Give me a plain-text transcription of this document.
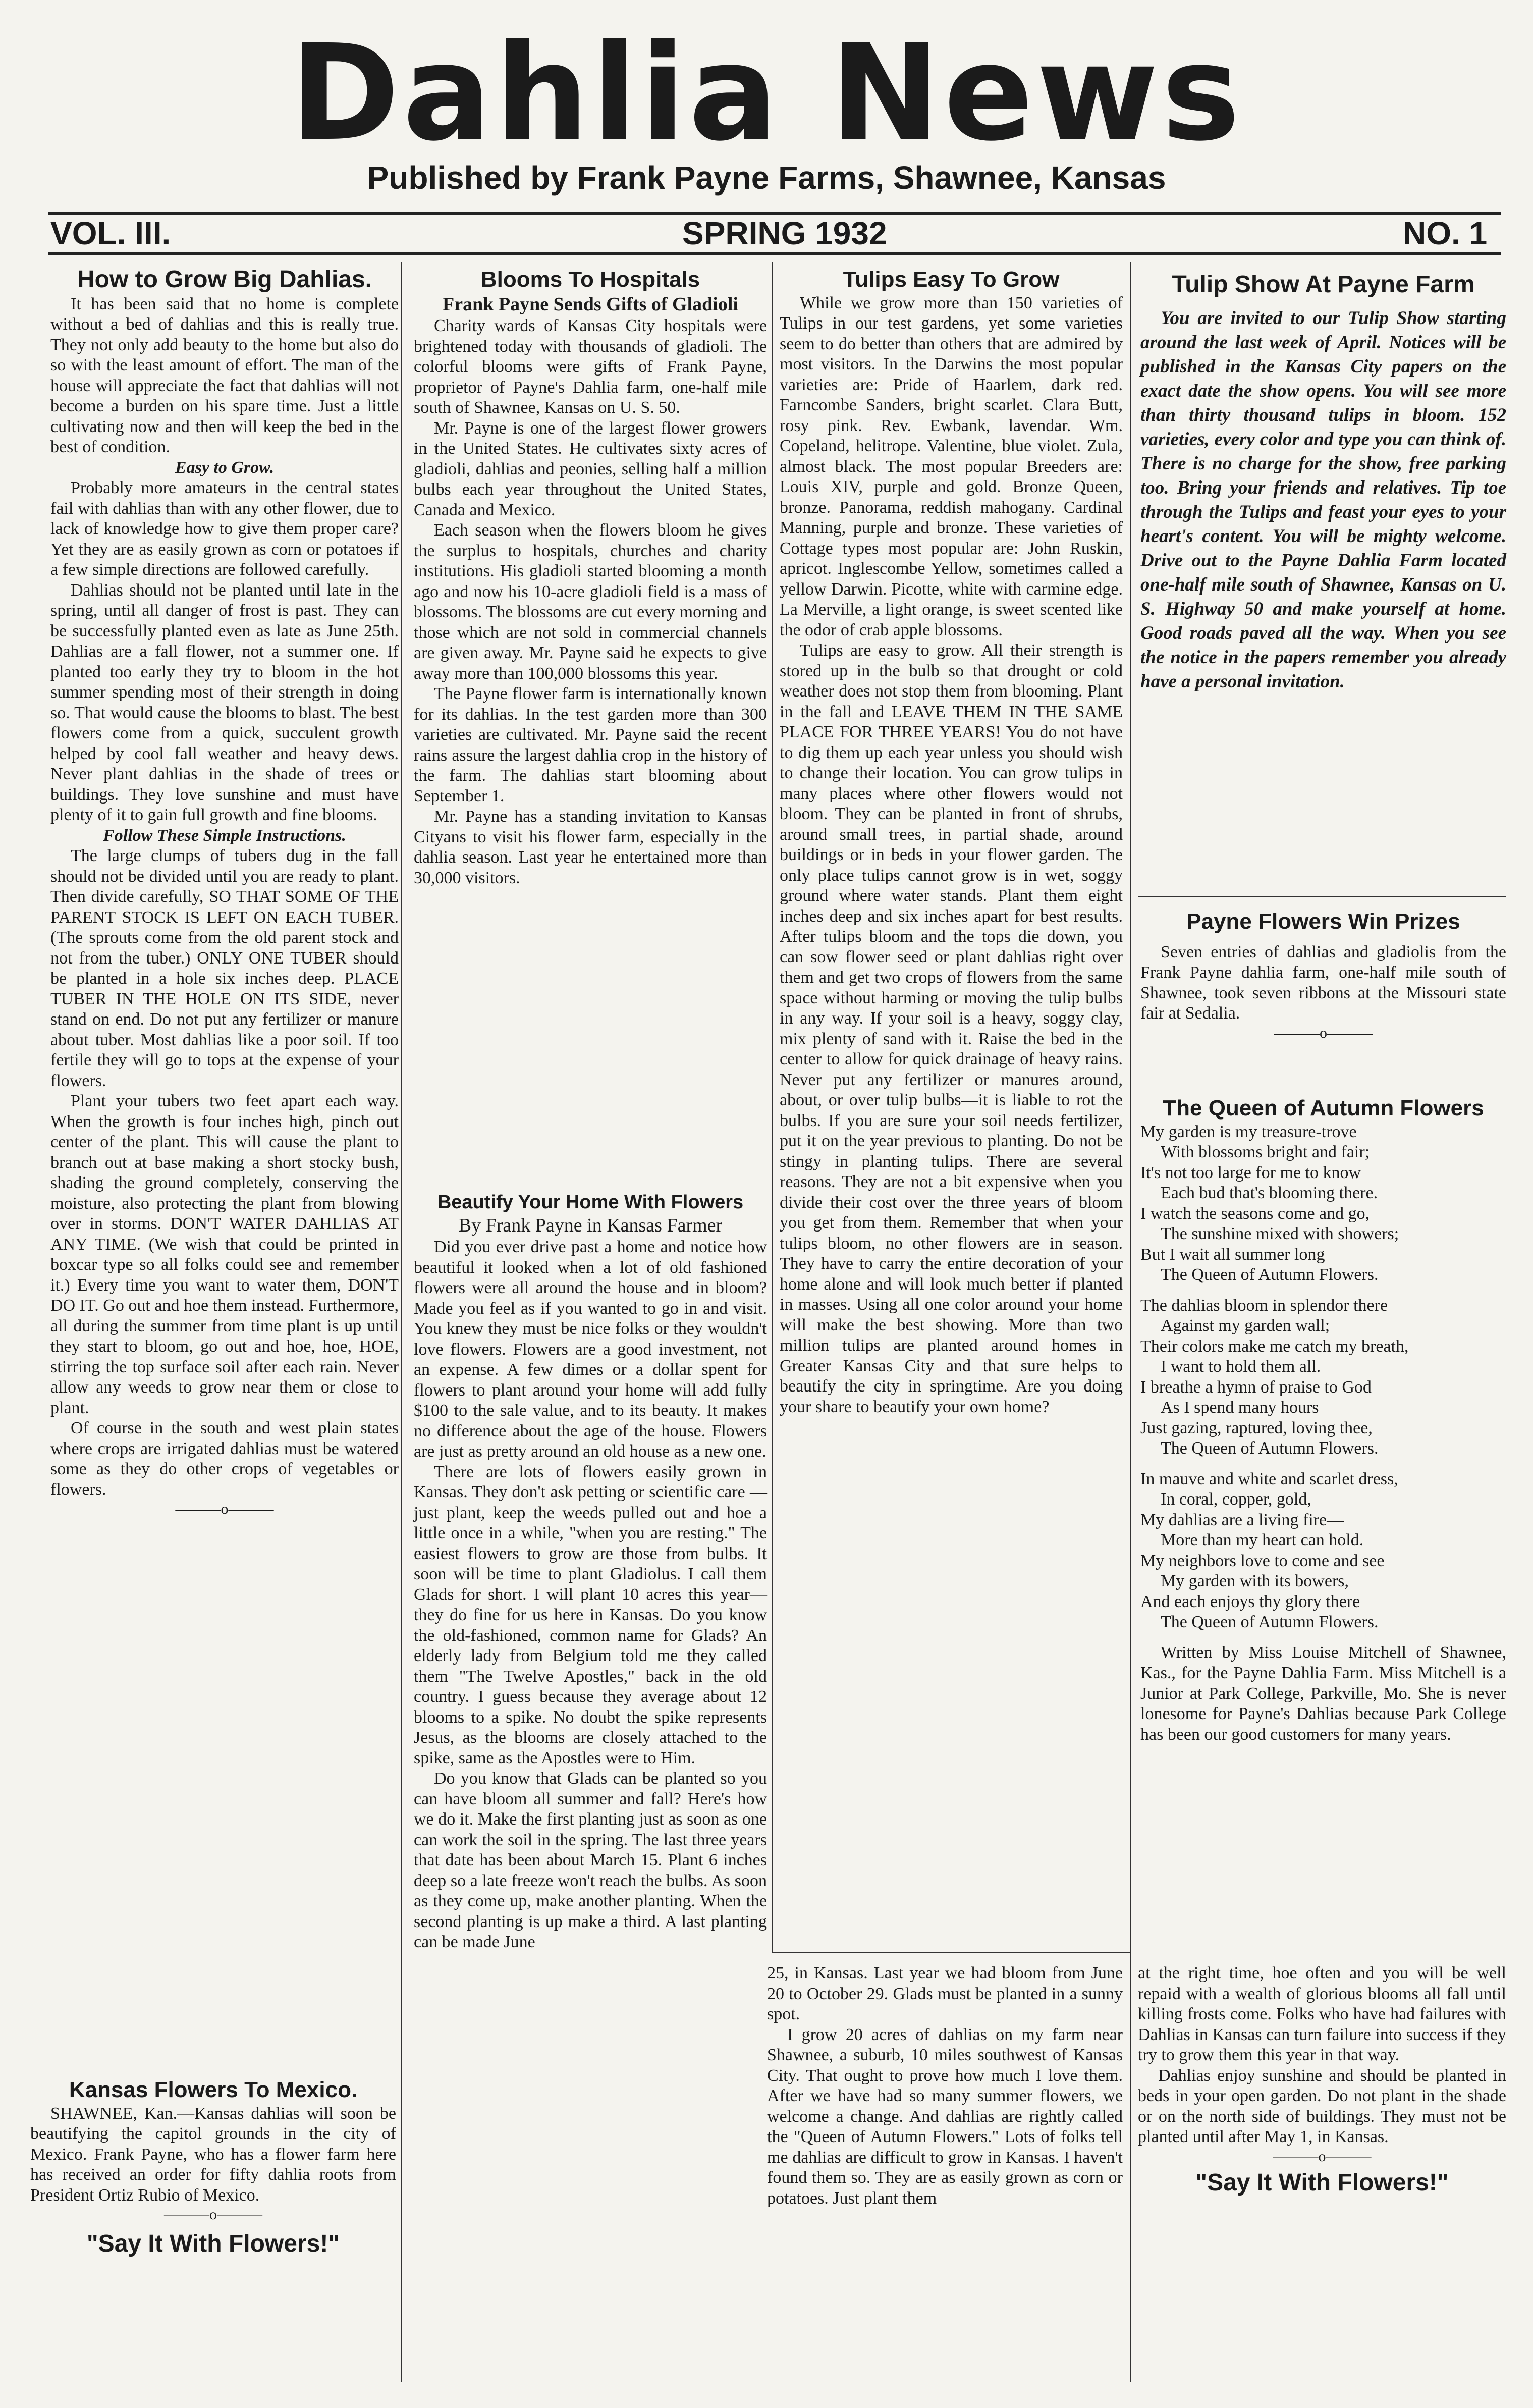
Dahlia News
Published by Frank Payne Farms, Shawnee, Kansas
VOL. III.	SPRING 1932	NO. 1
How to Grow Big Dahlias.

It has been said that no home is complete without a bed of dahlias and this is really true. They not only add beauty to the home but also do so with the least amount of effort. The man of the house will appreciate the fact that dahlias will not become a burden on his spare time. Just a little cultivating now and then will keep the bed in the best of condition.

Easy to Grow.

Probably more amateurs in the central states fail with dahlias than with any other flower, due to lack of knowledge how to give them proper care? Yet they are as easily grown as corn or potatoes if a few simple directions are followed carefully.

Dahlias should not be planted until late in the spring, until all danger of frost is past. They can be successfully planted even as late as June 25th. Dahlias are a fall flower, not a summer one. If planted too early they try to bloom in the hot summer spending most of their strength in doing so. That would cause the blooms to blast. The best flowers come from a quick, succulent growth helped by cool fall weather and heavy dews. Never plant dahlias in the shade of trees or buildings. They love sunshine and must have plenty of it to gain full growth and fine blooms.

Follow These Simple Instructions.

The large clumps of tubers dug in the fall should not be divided until you are ready to plant. Then divide carefully, SO THAT SOME OF THE PARENT STOCK IS LEFT ON EACH TUBER. (The sprouts come from the old parent stock and not from the tuber.) ONLY ONE TUBER should be planted in a hole six inches deep. PLACE TUBER IN THE HOLE ON ITS SIDE, never stand on end. Do not put any fertilizer or manure about tuber. Most dahlias like a poor soil. If too fertile they will go to tops at the expense of your flowers.

Plant your tubers two feet apart each way. When the growth is four inches high, pinch out center of the plant. This will cause the plant to branch out at base making a short stocky bush, shading the ground completely, conserving the moisture, also protecting the plant from blowing over in storms. DON'T WATER DAHLIAS AT ANY TIME. (We wish that could be printed in boxcar type so all folks could see and remember it.) Every time you want to water them, DON'T DO IT. Go out and hoe them instead. Furthermore, all during the summer from time plant is up until they start to bloom, go out and hoe, hoe, HOE, stirring the top surface soil after each rain. Never allow any weeds to grow near them or close to plant.

Of course in the south and west plain states where crops are irrigated dahlias must be watered some as they do other crops of vegetables or flowers.

———o———
Kansas Flowers To Mexico.

SHAWNEE, Kan.—Kansas dahlias will soon be beautifying the capitol grounds in the city of Mexico. Frank Payne, who has a flower farm here has received an order for fifty dahlia roots from President Ortiz Rubio of Mexico.

———o———
"Say It With Flowers!"
Blooms To Hospitals
Frank Payne Sends Gifts of Gladioli

Charity wards of Kansas City hospitals were brightened today with thousands of gladioli. The colorful blooms were gifts of Frank Payne, proprietor of Payne's Dahlia farm, one-half mile south of Shawnee, Kansas on U. S. 50.

Mr. Payne is one of the largest flower growers in the United States. He cultivates sixty acres of gladioli, dahlias and peonies, selling half a million bulbs each year throughout the United States, Canada and Mexico.

Each season when the flowers bloom he gives the surplus to hospitals, churches and charity institutions. His gladioli started blooming a month ago and now his 10-acre gladioli field is a mass of blossoms. The blossoms are cut every morning and those which are not sold in commercial channels are given away. Mr. Payne said he expects to give away more than 100,000 blossoms this year.

The Payne flower farm is internationally known for its dahlias. In the test garden more than 300 varieties are cultivated. Mr. Payne said the recent rains assure the largest dahlia crop in the history of the farm. The dahlias start blooming about September 1.

Mr. Payne has a standing invitation to Kansas Cityans to visit his flower farm, especially in the dahlia season. Last year he entertained more than 30,000 visitors.

Beautify Your Home With Flowers
By Frank Payne in Kansas Farmer

Did you ever drive past a home and notice how beautiful it looked when a lot of old fashioned flowers were all around the house and in bloom? Made you feel as if you wanted to go in and visit. You knew they must be nice folks or they wouldn't love flowers. Flowers are a good investment, not an expense. A few dimes or a dollar spent for flowers to plant around your home will add fully $100 to the sale value, and to its beauty. It makes no difference about the age of the house. Flowers are just as pretty around an old house as a new one.

There are lots of flowers easily grown in Kansas. They don't ask petting or scientific care — just plant, keep the weeds pulled out and hoe a little once in a while, "when you are resting." The easiest flowers to grow are those from bulbs. It soon will be time to plant Gladiolus. I call them Glads for short. I will plant 10 acres this year—they do fine for us here in Kansas. Do you know the old-fashioned, common name for Glads? An elderly lady from Belgium told me they called them "The Twelve Apostles," back in the old country. I guess because they average about 12 blooms to a spike. No doubt the spike represents Jesus, as the blooms are closely attached to the spike, same as the Apostles were to Him.

Do you know that Glads can be planted so you can have bloom all summer and fall? Here's how we do it. Make the first planting just as soon as one can work the soil in the spring. The last three years that date has been about March 15. Plant 6 inches deep so a late freeze won't reach the bulbs. As soon as they come up, make another planting. When the second planting is up make a third. A last planting can be made June

Tulips Easy To Grow

While we grow more than 150 varieties of Tulips in our test gardens, yet some varieties seem to do better than others that are admired by most visitors. In the Darwins the most popular varieties are: Pride of Haarlem, dark red. Farncombe Sanders, bright scarlet. Clara Butt, rosy pink. Rev. Ewbank, lavendar. Wm. Copeland, helitrope. Valentine, blue violet. Zula, almost black. The most popular Breeders are: Louis XIV, purple and gold. Bronze Queen, bronze. Panorama, reddish mahogany. Cardinal Manning, purple and bronze. These varieties of Cottage types most popular are: John Ruskin, apricot. Inglescombe Yellow, sometimes called a yellow Darwin. Picotte, white with carmine edge. La Merville, a light orange, is sweet scented like the odor of crab apple blossoms.

Tulips are easy to grow. All their strength is stored up in the bulb so that drought or cold weather does not stop them from blooming. Plant in the fall and LEAVE THEM IN THE SAME PLACE FOR THREE YEARS! You do not have to dig them up each year unless you should wish to change their location. You can grow tulips in many places where other flowers would not bloom. They can be planted in front of shrubs, around small trees, in partial shade, around buildings or in beds in your flower garden. The only place tulips cannot grow is in wet, soggy ground where water stands. Plant them eight inches deep and six inches apart for best results. After tulips bloom and the tops die down, you can sow flower seed or plant dahlias right over them and get two crops of flowers from the same space without harming or moving the tulip bulbs in any way. If your soil is a heavy, soggy clay, mix plenty of sand with it. Raise the bed in the center to allow for quick drainage of heavy rains. Never put any fertilizer or manures around, about, or over tulip bulbs—it is liable to rot the bulbs. If you are sure your soil needs fertilizer, put it on the year previous to planting. Do not be stingy in planting tulips. There are several reasons. They are not a bit expensive when you divide their cost over the three years of bloom you get from them. Remember that when your tulips bloom, no other flowers are in season. They have to carry the entire decoration of your home alone and will look much better if planted in masses. Using all one color around your home will make the best showing. More than two million tulips are planted around homes in Greater Kansas City and that sure helps to beautify the city in springtime. Are you doing your share to beautify your own home?

25, in Kansas. Last year we had bloom from June 20 to October 29. Glads must be planted in a sunny spot.

I grow 20 acres of dahlias on my farm near Shawnee, a suburb, 10 miles southwest of Kansas City. That ought to prove how much I love them. After we have had so many summer flowers, we welcome a change. And dahlias are rightly called the "Queen of Autumn Flowers." Lots of folks tell me dahlias are difficult to grow in Kansas. I haven't found them so. They are as easily grown as corn or potatoes. Just plant them

Tulip Show At Payne Farm

You are invited to our Tulip Show starting around the last week of April. Notices will be published in the Kansas City papers on the exact date the show opens. You will see more than thirty thousand tulips in bloom. 152 varieties, every color and type you can think of. There is no charge for the show, free parking too. Bring your friends and relatives. Tip toe through the Tulips and feast your eyes to your heart's content. You will be mighty welcome. Drive out to the Payne Dahlia Farm located one-half mile south of Shawnee, Kansas on U. S. Highway 50 and make yourself at home. Good roads paved all the way. When you see the notice in the papers remember you already have a personal invitation.

Payne Flowers Win Prizes

Seven entries of dahlias and gladiolis from the Frank Payne dahlia farm, one-half mile south of Shawnee, took seven ribbons at the Missouri state fair at Sedalia.

———o———
The Queen of Autumn Flowers

My garden is my treasure-trove

With blossoms bright and fair;

It's not too large for me to know

Each bud that's blooming there.

I watch the seasons come and go,

The sunshine mixed with showers;

But I wait all summer long

The Queen of Autumn Flowers.

The dahlias bloom in splendor there

Against my garden wall;

Their colors make me catch my breath,

I want to hold them all.

I breathe a hymn of praise to God

As I spend many hours

Just gazing, raptured, loving thee,

The Queen of Autumn Flowers.

In mauve and white and scarlet dress,

In coral, copper, gold,

My dahlias are a living fire—

More than my heart can hold.

My neighbors love to come and see

My garden with its bowers,

And each enjoys thy glory there

The Queen of Autumn Flowers.

Written by Miss Louise Mitchell of Shawnee, Kas., for the Payne Dahlia Farm. Miss Mitchell is a Junior at Park College, Parkville, Mo. She is never lonesome for Payne's Dahlias because Park College has been our good customers for many years.

at the right time, hoe often and you will be well repaid with a wealth of glorious blooms all fall until killing frosts come. Folks who have had failures with Dahlias in Kansas can turn failure into success if they try to grow them this year in that way.

Dahlias enjoy sunshine and should be planted in beds in your open garden. Do not plant in the shade or on the north side of buildings. They must not be planted until after May 1, in Kansas.

———o———
"Say It With Flowers!"
